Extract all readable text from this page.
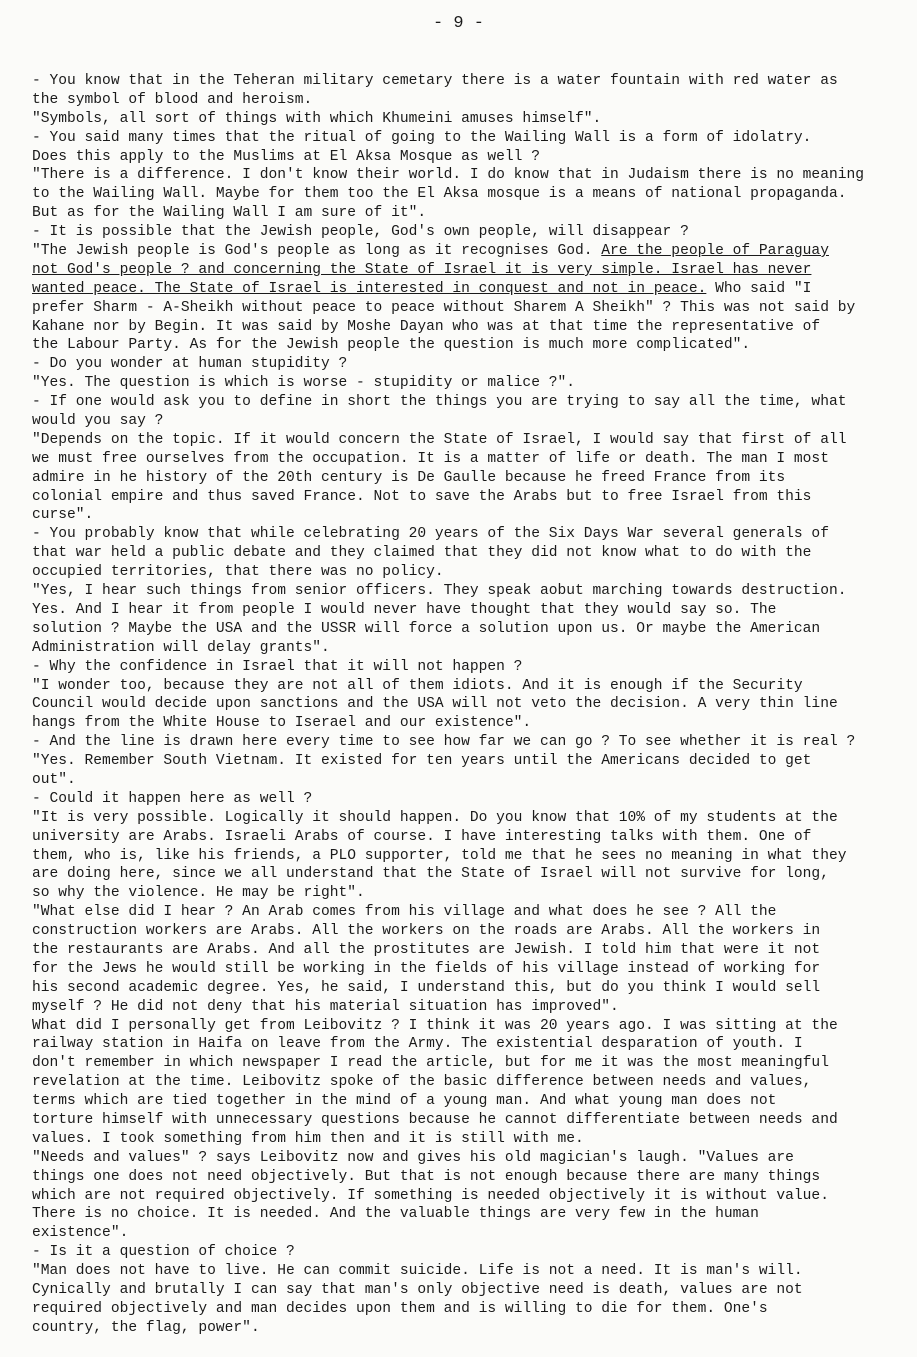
- 9 -
- You know that in the Teheran military cemetary there is a water fountain with red water as
the symbol of blood and heroism.
"Symbols, all sort of things with which Khumeini amuses himself".
- You said many times that the ritual of going to the Wailing Wall is a form of idolatry.
Does this apply to the Muslims at El Aksa Mosque as well ?
"There is a difference. I don't know their world. I do know that in Judaism there is no meaning
to the Wailing Wall. Maybe for them too the El Aksa mosque is a means of national propaganda.
But as for the Wailing Wall I am sure of it".
- It is possible that the Jewish people, God's own people, will disappear ?
"The Jewish people is God's people as long as it recognises God. Are the people of Paraguay
not God's people ? and concerning the State of Israel it is very simple. Israel has never
wanted peace. The State of Israel is interested in conquest and not in peace. Who said "I
prefer Sharm - A-Sheikh without peace to peace without Sharem A Sheikh" ? This was not said by
Kahane nor by Begin. It was said by Moshe Dayan who was at that time the representative of
the Labour Party. As for the Jewish people the question is much more complicated".
- Do you wonder at human stupidity ?
"Yes. The question is which is worse - stupidity or malice ?".
- If one would ask you to define in short the things you are trying to say all the time, what
would you say ?
"Depends on the topic. If it would concern the State of Israel, I would say that first of all
we must free ourselves from the occupation. It is a matter of life or death. The man I most
admire in he history of the 20th century is De Gaulle because he freed France from its
colonial empire and thus saved France. Not to save the Arabs but to free Israel from this
curse".
- You probably know that while celebrating 20 years of the Six Days War several generals of
that war held a public debate and they claimed that they did not know what to do with the
occupied territories, that there was no policy.
"Yes, I hear such things from senior officers. They speak aobut marching towards destruction.
Yes. And I hear it from people I would never have thought that they would say so. The
solution ? Maybe the USA and the USSR will force a solution upon us. Or maybe the American
Administration will delay grants".
- Why the confidence in Israel that it will not happen ?
"I wonder too, because they are not all of them idiots. And it is enough if the Security
Council would decide upon sanctions and the USA will not veto the decision. A very thin line
hangs from the White House to Iserael and our existence".
- And the line is drawn here every time to see how far we can go ? To see whether it is real ?
"Yes. Remember South Vietnam. It existed for ten years until the Americans decided to get
out".
- Could it happen here as well ?
"It is very possible. Logically it should happen. Do you know that 10% of my students at the
university are Arabs. Israeli Arabs of course. I have interesting talks with them. One of
them, who is, like his friends, a PLO supporter, told me that he sees no meaning in what they
are doing here, since we all understand that the State of Israel will not survive for long,
so why the violence. He may be right".
"What else did I hear ? An Arab comes from his village and what does he see ? All the
construction workers are Arabs. All the workers on the roads are Arabs. All the workers in
the restaurants are Arabs. And all the prostitutes are Jewish. I told him that were it not
for the Jews he would still be working in the fields of his village instead of working for
his second academic degree. Yes, he said, I understand this, but do you think I would sell
myself ? He did not deny that his material situation has improved".
What did I personally get from Leibovitz ? I think it was 20 years ago. I was sitting at the
railway station in Haifa on leave from the Army. The existential desparation of youth. I
don't remember in which newspaper I read the article, but for me it was the most meaningful
revelation at the time. Leibovitz spoke of the basic difference between needs and values,
terms which are tied together in the mind of a young man. And what young man does not
torture himself with unnecessary questions because he cannot differentiate between needs and
values. I took something from him then and it is still with me.
"Needs and values" ? says Leibovitz now and gives his old magician's laugh. "Values are
things one does not need objectively. But that is not enough because there are many things
which are not required objectively. If something is needed objectively it is without value.
There is no choice. It is needed. And the valuable things are very few in the human
existence".
- Is it a question of choice ?
"Man does not have to live. He can commit suicide. Life is not a need. It is man's will.
Cynically and brutally I can say that man's only objective need is death, values are not
required objectively and man decides upon them and is willing to die for them. One's
country, the flag, power".
